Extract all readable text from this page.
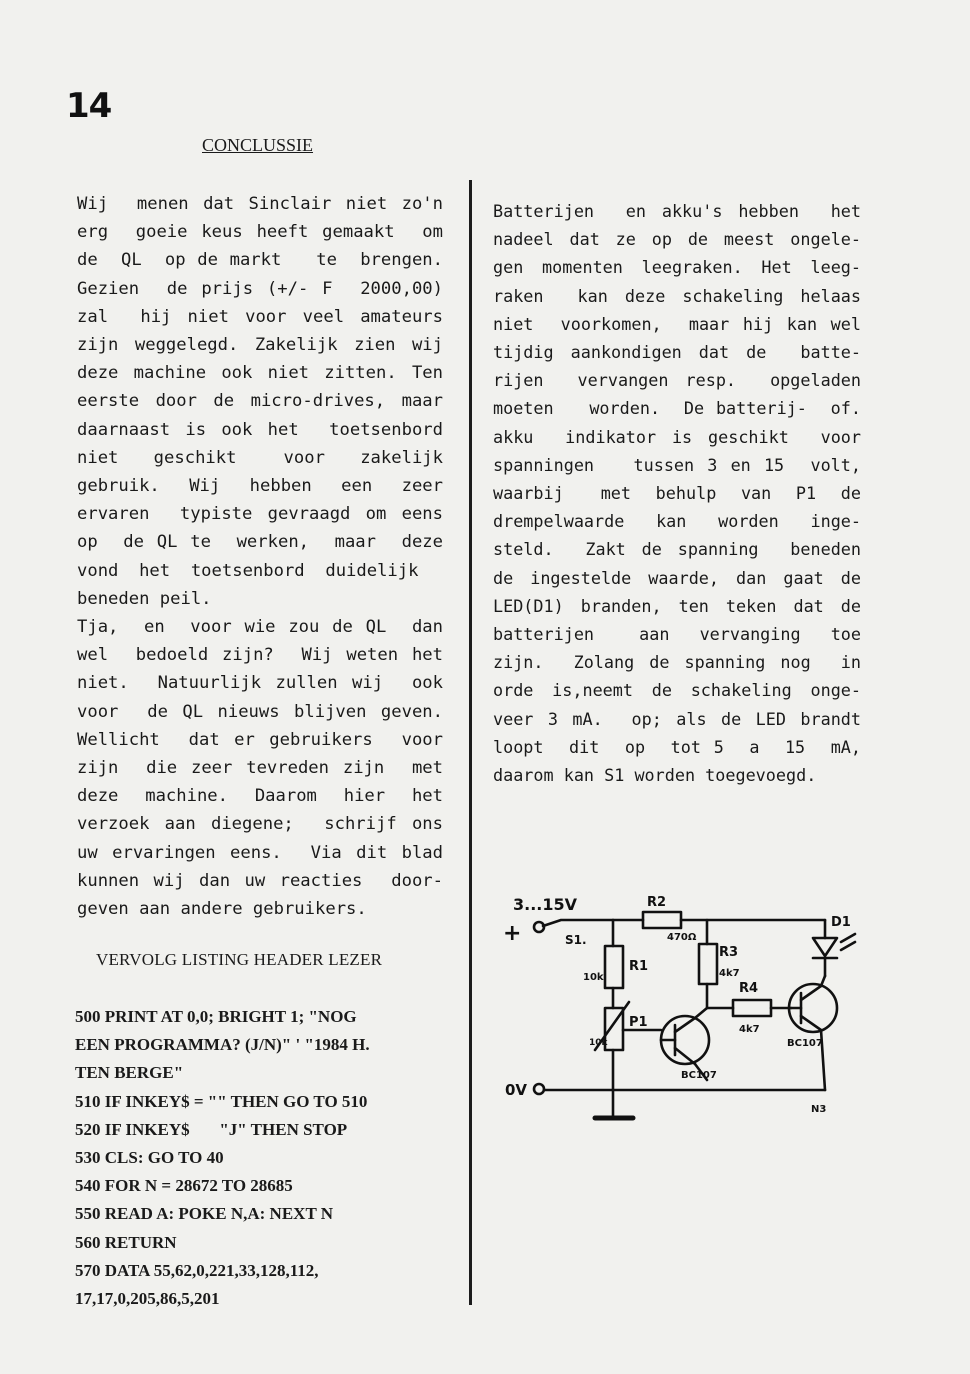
14
CONCLUSSIE
Wij  menen dat Sinclair niet zo'n
erg  goeie keus heeft gemaakt  om
de  QL  op de markt   te  brengen.
Gezien  de prijs (+/- F  2000,00)
zal  hij niet voor veel amateurs
zijn weggelegd. Zakelijk zien wij
deze machine ook niet zitten. Ten
eerste door de micro-drives, maar
daarnaast is ook het  toetsenbord
niet   geschikt    voor   zakelijk
gebruik.  Wij  hebben  een  zeer
ervaren  typiste gevraagd om eens
op  de QL te  werken,  maar  deze
vond  het  toetsenbord  duidelijk
beneden peil.
Tja,  en  voor wie zou de QL  dan
wel  bedoeld zijn?  Wij weten het
niet.  Natuurlijk zullen wij  ook
voor  de QL nieuws blijven geven.
Wellicht  dat er gebruikers  voor
zijn  die zeer tevreden zijn  met
deze  machine.  Daarom  hier  het
verzoek aan diegene;  schrijf ons
uw ervaringen eens.  Via dit blad
kunnen wij dan uw reacties  door-
geven aan andere gebruikers.
VERVOLG LISTING HEADER LEZER
500 PRINT AT 0,0; BRIGHT 1; "NOG
EEN PROGRAMMA? (J/N)" ' "1984 H.
TEN BERGE"
510 IF INKEY$ = "" THEN GO TO 510
520 IF INKEY$       "J" THEN STOP
530 CLS: GO TO 40
540 FOR N = 28672 TO 28685
550 READ A: POKE N,A: NEXT N
560 RETURN
570 DATA 55,62,0,221,33,128,112,
17,17,0,205,86,5,201
Batterijen  en akku's hebben  het
nadeel dat ze op de meest ongele-
gen momenten leegraken. Het leeg-
raken  kan deze schakeling helaas
niet  voorkomen,  maar hij kan wel
tijdig aankondigen dat de  batte-
rijen  vervangen resp.  opgeladen
moeten   worden.  De batterij-  of.
akku  indikator is geschikt  voor
spanningen   tussen 3 en 15  volt,
waarbij   met  behulp  van  P1  de
drempelwaarde  kan  worden  inge-
steld.  Zakt de spanning  beneden
de ingestelde waarde, dan gaat de
LED(D1) branden, ten teken dat de
batterijen   aan  vervanging  toe
zijn.  Zolang de spanning nog  in
orde is,neemt de schakeling onge-
veer 3 mA.  op; als de LED brandt
loopt  dit  op  tot 5  a  15  mA,
daarom kan S1 worden toegevoegd.
3...15V
+	S1.
R2
470Ω
R3
4k7
R1
10k
R4
4k7
P1
10k
BC107
BC107
D1
0V
N3
